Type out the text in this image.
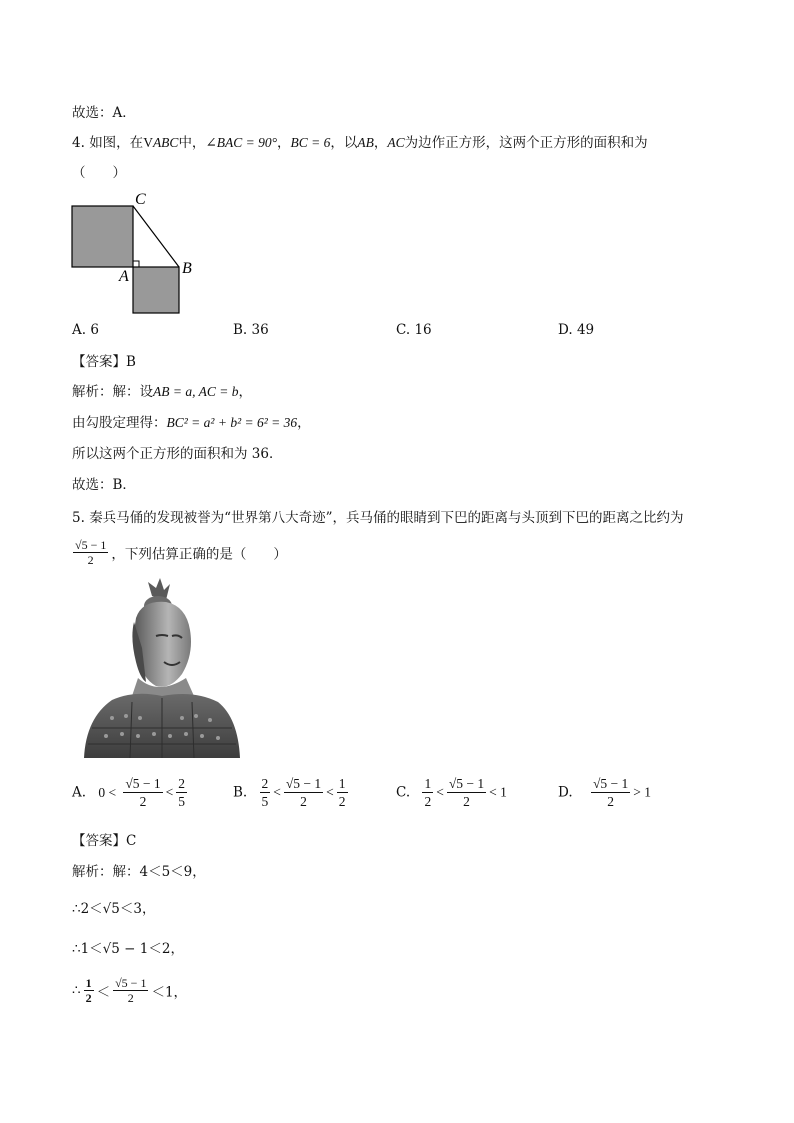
故选：A．
4. 如图，在VABC中，∠BAC = 90°，BC = 6，以AB，AC为边作正方形，这两个正方形的面积和为
（　　）
C
A	B
A. 6	B. 36	C. 16	D. 49
【答案】B
解析：解：设AB = a, AC = b，
由勾股定理得：BC² = a² + b² = 6² = 36，
所以这两个正方形的面积和为 36．
故选：B．
5. 秦兵马俑的发现被誉为“世界第八大奇迹”，兵马俑的眼睛到下巴的距离与头顶到下巴的距离之比约为
$\frac{√5 - 1}{2}$ ，下列估算正确的是（　　）
A. $0 < \frac{√5 - 1}{2} < \frac{2}{5}$	B. $\frac{2}{5} < \frac{√5 - 1}{2} < \frac{1}{2}$	C. $\frac{1}{2} < \frac{√5 - 1}{2} < 1$	D. $\frac{√5 - 1}{2} > 1$
【答案】C
解析：解：4＜5＜9，
∴2＜√5＜3，
∴1＜√5 − 1＜2，
∴ $\frac{1}{2} < \frac{√5 - 1}{2} <1$，
